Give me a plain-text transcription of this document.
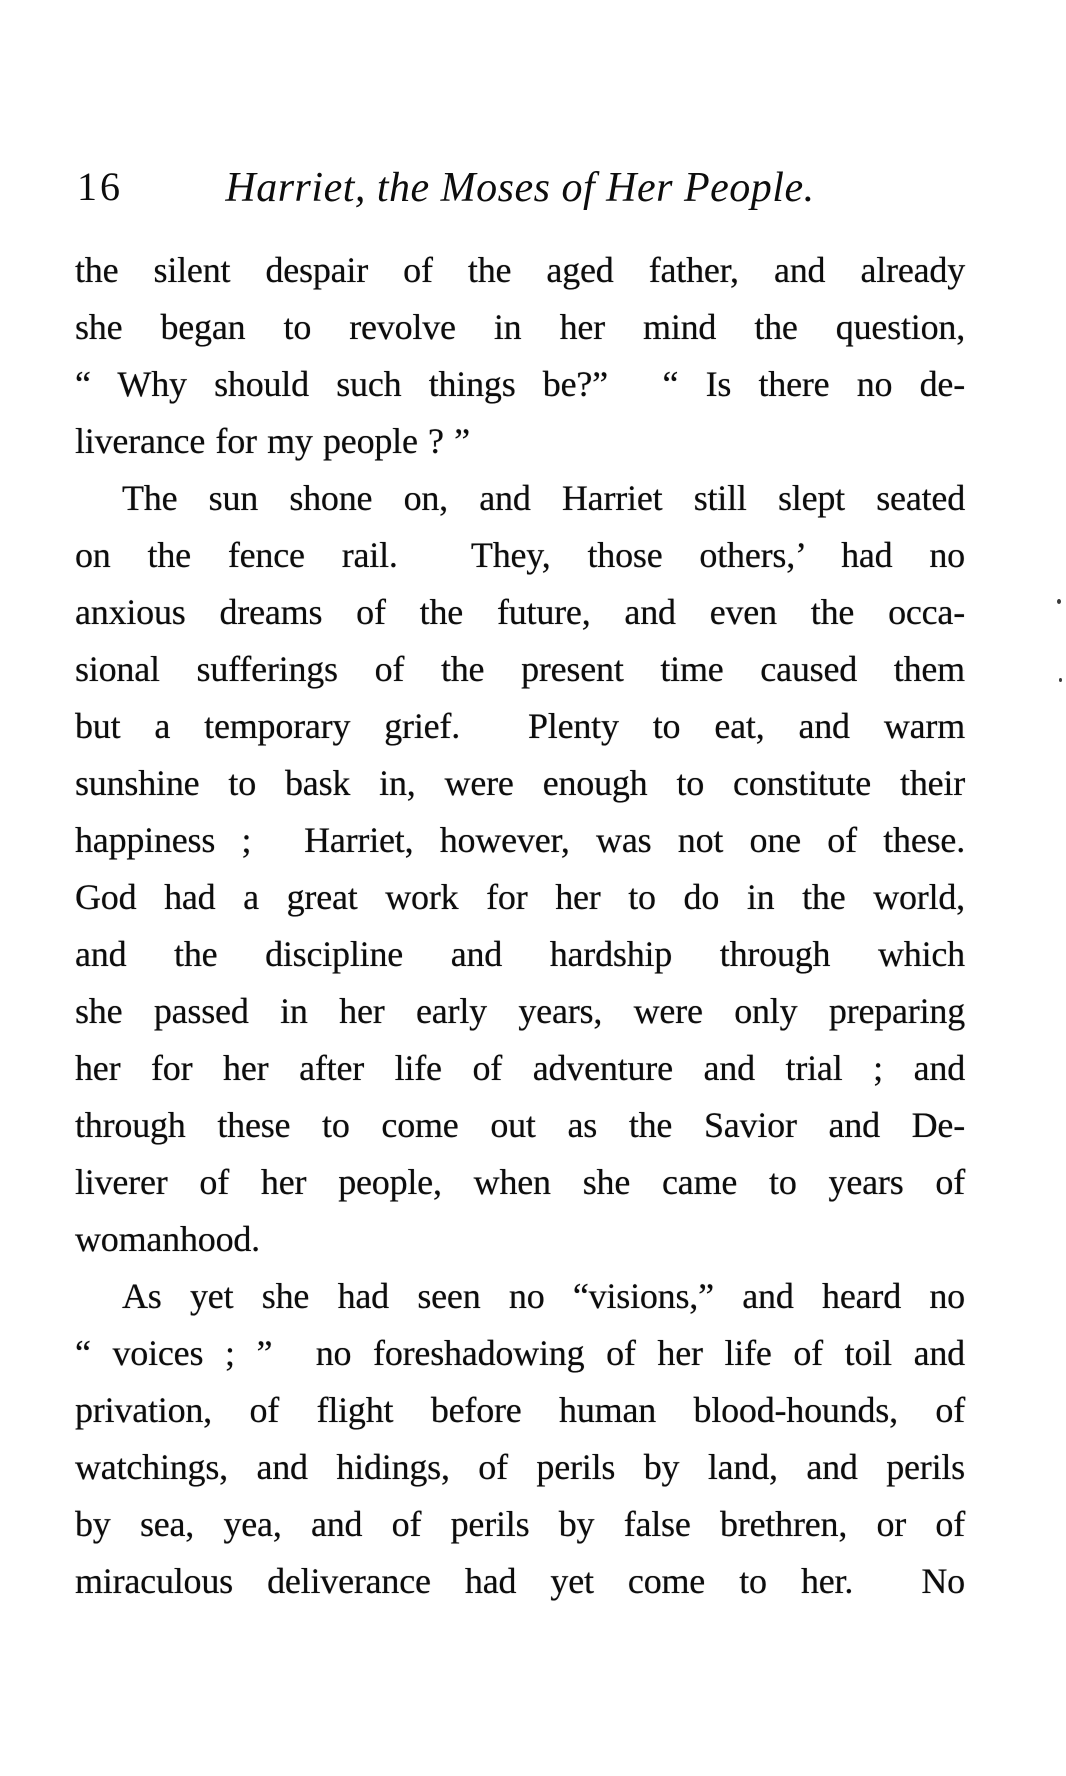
16	Harriet, the Moses of Her People.
the silent despair of the aged father, and already
she began to revolve in her mind the question,
“ Why should such things be?”  “ Is there no de-
liverance for my people ? ”
The sun shone on, and Harriet still slept seated
on the fence rail.  They, those others,’ had no
anxious dreams of the future, and even the occa-
sional sufferings of the present time caused them
but a temporary grief.  Plenty to eat, and warm
sunshine to bask in, were enough to constitute their
happiness ;  Harriet, however, was not one of these.
God had a great work for her to do in the world,
and the discipline and hardship through which
she passed in her early years, were only preparing
her for her after life of adventure and trial ; and
through these to come out as the Savior and De-
liverer of her people, when she came to years of
womanhood.
As yet she had seen no “visions,” and heard no
“ voices ; ”  no foreshadowing of her life of toil and
privation, of flight before human blood-hounds, of
watchings, and hidings, of perils by land, and perils
by sea, yea, and of perils by false brethren, or of
miraculous deliverance had yet come to her.  No
